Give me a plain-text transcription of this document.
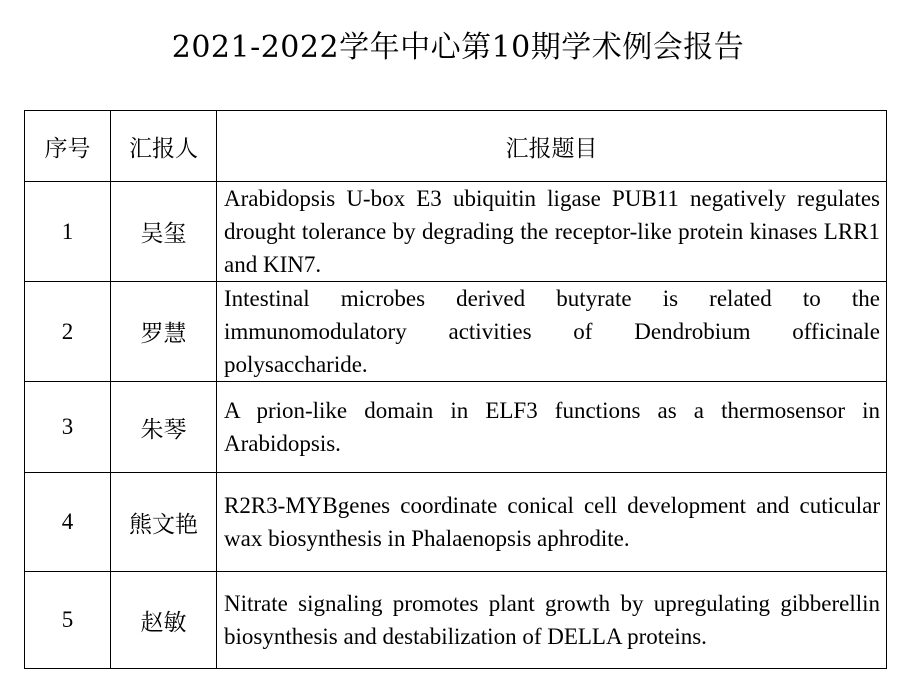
2021-2022学年中心第10期学术例会报告
序号	汇报人	汇报题目
1	吴玺	Arabidopsis U-box E3 ubiquitin ligase PUB11 negatively regulates drought tolerance by degrading the receptor-like protein kinases LRR1 and KIN7.
2	罗慧	Intestinal microbes derived butyrate is related to the immunomodulatory activities of Dendrobium officinale polysaccharide.
3	朱琴	A prion-like domain in ELF3 functions as a thermosensor in Arabidopsis.
4	熊文艳	R2R3-MYBgenes coordinate conical cell development and cuticular wax biosynthesis in Phalaenopsis aphrodite.
5	赵敏	Nitrate signaling promotes plant growth by upregulating gibberellin biosynthesis and destabilization of DELLA proteins.
